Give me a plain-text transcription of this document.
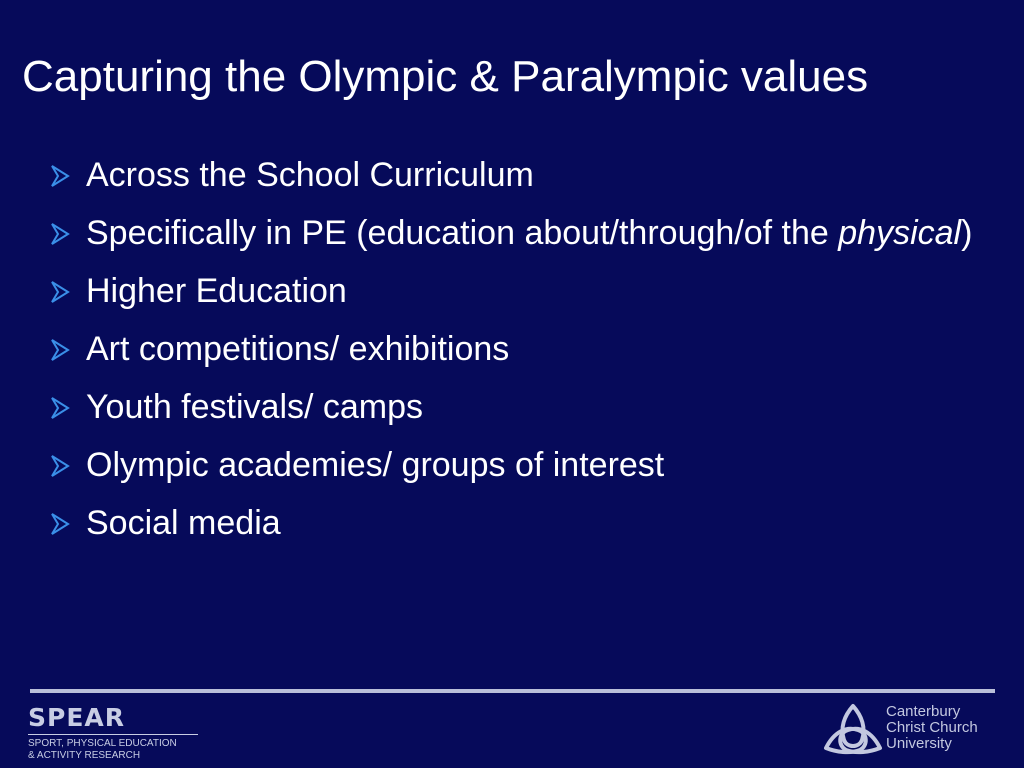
Capturing the Olympic & Paralympic values
Across the School Curriculum
Specifically in PE (education about/through/of the physical)
Higher Education
Art competitions/ exhibitions
Youth festivals/ camps
Olympic academies/ groups of interest
Social media
SPEAR
SPORT, PHYSICAL EDUCATION
& ACTIVITY RESEARCH
Canterbury
Christ Church
University
